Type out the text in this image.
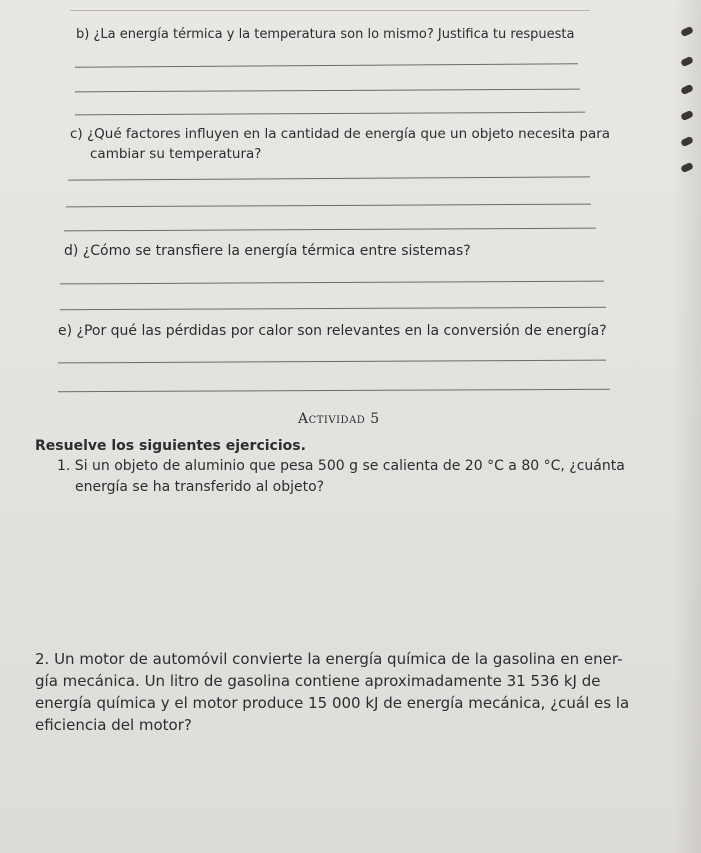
b) ¿La energía térmica y la temperatura son lo mismo? Justifica tu respuesta
c) ¿Qué factores influyen en la cantidad de energía que un objeto necesita para
cambiar su temperatura?
d) ¿Cómo se transfiere la energía térmica entre sistemas?
e) ¿Por qué las pérdidas por calor son relevantes en la conversión de energía?
Actividad 5
Resuelve los siguientes ejercicios.
1. Si un objeto de aluminio que pesa 500 g se calienta de 20 °C a 80 °C, ¿cuánta
energía se ha transferido al objeto?
2. Un motor de automóvil convierte la energía química de la gasolina en ener-
gía mecánica. Un litro de gasolina contiene aproximadamente 31 536 kJ de
energía química y el motor produce 15 000 kJ de energía mecánica, ¿cuál es la
eficiencia del motor?
